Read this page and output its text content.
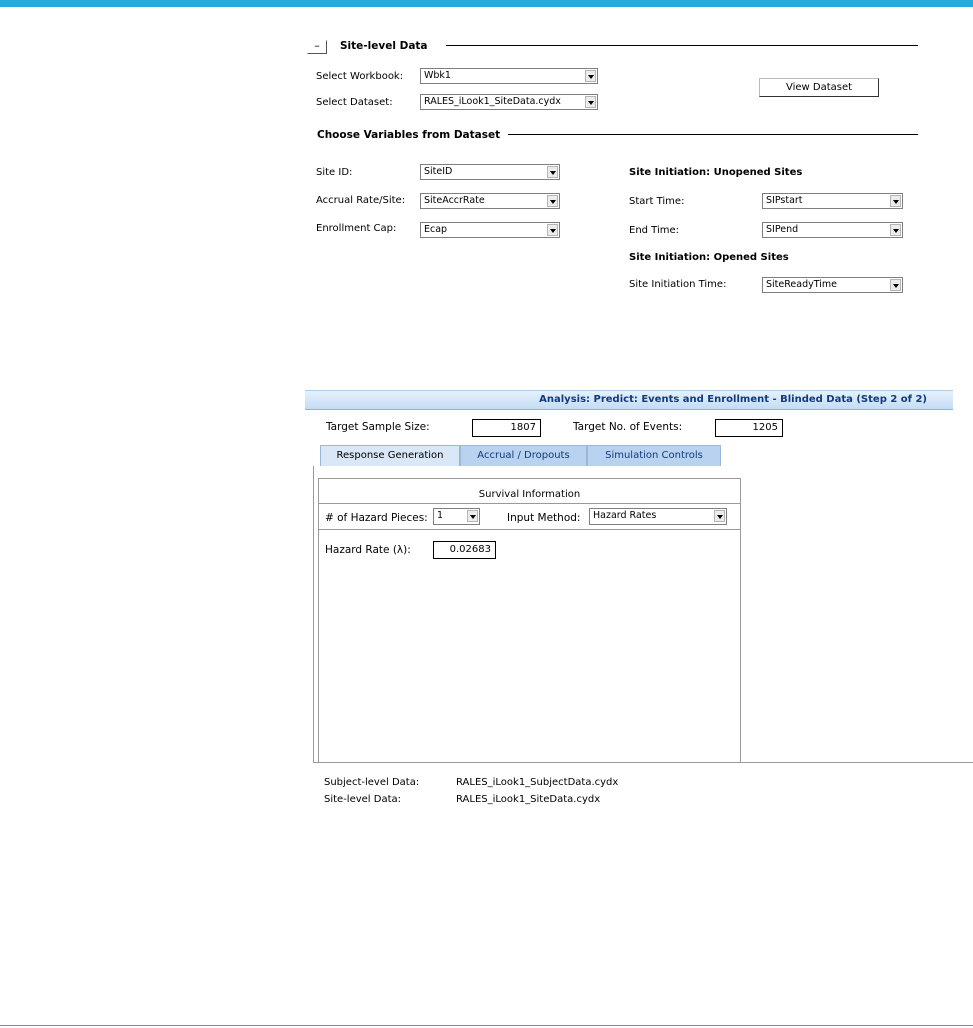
–	Site-level Data
Select Workbook:	Wbk1
Select Dataset:	RALES_iLook1_SiteData.cydx
View Dataset
Choose Variables from Dataset
Site ID:	SiteID
Accrual Rate/Site:	SiteAccrRate
Enrollment Cap:	Ecap
Site Initiation: Unopened Sites
Start Time:	SIPstart
End Time:	SIPend
Site Initiation: Opened Sites
Site Initiation Time:	SiteReadyTime
Analysis: Predict: Events and Enrollment - Blinded Data (Step 2 of 2)
Target Sample Size:	1807	Target No. of Events:	1205
Response Generation	Accrual / Dropouts	Simulation Controls
Survival Information
# of Hazard Pieces: 1	Input Method:	Hazard Rates
Hazard Rate (λ):	0.02683
Subject-level Data:	RALES_iLook1_SubjectData.cydx
Site-level Data:	RALES_iLook1_SiteData.cydx
